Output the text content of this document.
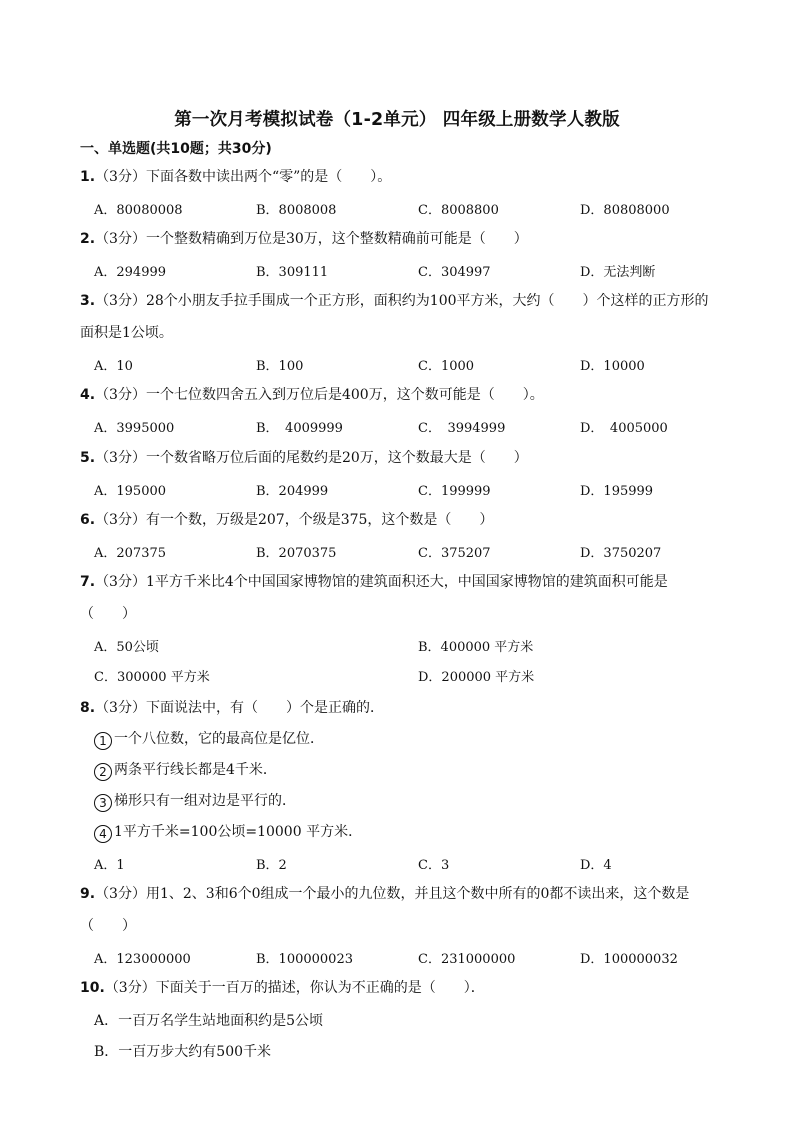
第一次月考模拟试卷（1-2单元） 四年级上册数学人教版
一、单选题(共10题；共30分)
1.（3分）下面各数中读出两个“零”的是（　　）。
A．80080008	B．8008008	C．8008800	D．80808000
2.（3分）一个整数精确到万位是30万，这个整数精确前可能是（　　）
A．294999	B．309111	C．304997	D．无法判断
3.（3分）28个小朋友手拉手围成一个正方形，面积约为100平方米，大约（　　）个这样的正方形的
面积是1公顷。
A．10	B．100	C．1000	D．10000
4.（3分）一个七位数四舍五入到万位后是400万，这个数可能是（　　）。
A．3995000	B．　4009999	C．　3994999	D．　4005000
5.（3分）一个数省略万位后面的尾数约是20万，这个数最大是（　　）
A．195000	B．204999	C．199999	D．195999
6.（3分）有一个数，万级是207，个级是375，这个数是（　　）
A．207375	B．2070375	C．375207	D．3750207
7.（3分）1平方千米比4个中国国家博物馆的建筑面积还大，中国国家博物馆的建筑面积可能是
（　　）
A．50公顷	B．400000 平方米
C．300000 平方米	D．200000 平方米
8.（3分）下面说法中，有（　　）个是正确的．
1 一个八位数，它的最高位是亿位．
2 两条平行线长都是4千米．
3 梯形只有一组对边是平行的．
4 1平方千米=100公顷=10000 平方米．
A．1	B．2	C．3	D．4
9.（3分）用1、2、3和6个0组成一个最小的九位数，并且这个数中所有的0都不读出来，这个数是
（　　）
A．123000000	B．100000023	C．231000000	D．100000032
10.（3分）下面关于一百万的描述，你认为不正确的是（　　）．
A．一百万名学生站地面积约是5公顷
B．一百万步大约有500千米
